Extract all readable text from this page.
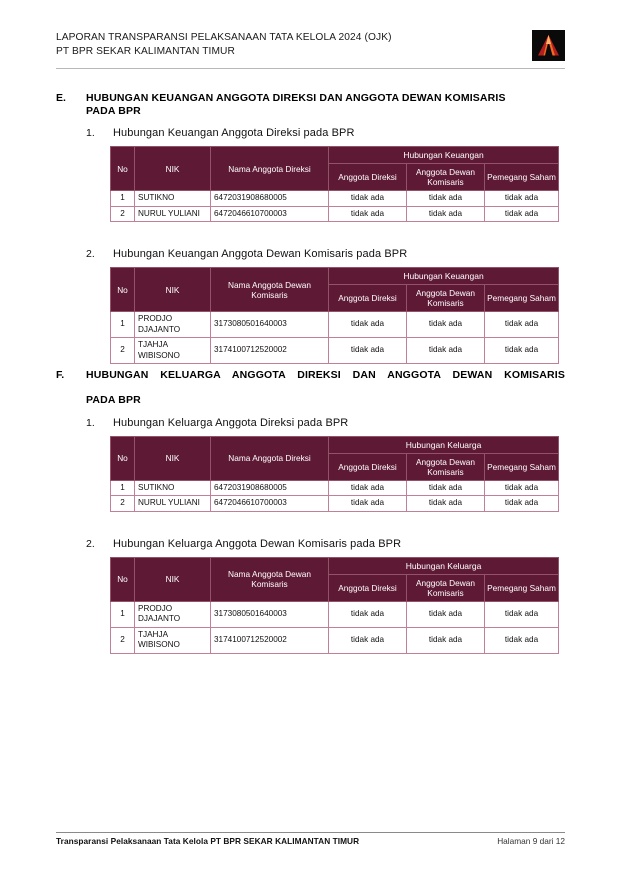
LAPORAN TRANSPARANSI PELAKSANAAN TATA KELOLA 2024 (OJK)
PT BPR SEKAR KALIMANTAN TIMUR
E.	HUBUNGAN KEUANGAN ANGGOTA DIREKSI DAN ANGGOTA DEWAN KOMISARIS
PADA BPR
1.	Hubungan Keuangan Anggota Direksi pada BPR
No	NIK	Nama Anggota Direksi	Hubungan Keuangan		
			Anggota Direksi	Anggota Dewan Komisaris	Pemegang Saham
1	SUTIKNO	6472031908680005	tidak ada	tidak ada	tidak ada
2	NURUL YULIANI	6472046610700003	tidak ada	tidak ada	tidak ada
2.	Hubungan Keuangan Anggota Dewan Komisaris pada BPR
No	NIK	Nama Anggota Dewan Komisaris	Hubungan Keuangan		
			Anggota Direksi	Anggota Dewan Komisaris	Pemegang Saham
1	PRODJO DJAJANTO	3173080501640003	tidak ada	tidak ada	tidak ada
2	TJAHJA WIBISONO	3174100712520002	tidak ada	tidak ada	tidak ada
F.	HUBUNGAN KELUARGA ANGGOTA DIREKSI DAN ANGGOTA DEWAN KOMISARIS
PADA BPR
1.	Hubungan Keluarga Anggota Direksi pada BPR
No	NIK	Nama Anggota Direksi	Hubungan Keluarga		
			Anggota Direksi	Anggota Dewan Komisaris	Pemegang Saham
1	SUTIKNO	6472031908680005	tidak ada	tidak ada	tidak ada
2	NURUL YULIANI	6472046610700003	tidak ada	tidak ada	tidak ada
2.	Hubungan Keluarga Anggota Dewan Komisaris pada BPR
No	NIK	Nama Anggota Dewan Komisaris	Hubungan Keluarga		
			Anggota Direksi	Anggota Dewan Komisaris	Pemegang Saham
1	PRODJO DJAJANTO	3173080501640003	tidak ada	tidak ada	tidak ada
2	TJAHJA WIBISONO	3174100712520002	tidak ada	tidak ada	tidak ada
Transparansi Pelaksanaan Tata Kelola PT BPR SEKAR KALIMANTAN TIMUR	Halaman 9 dari 12
